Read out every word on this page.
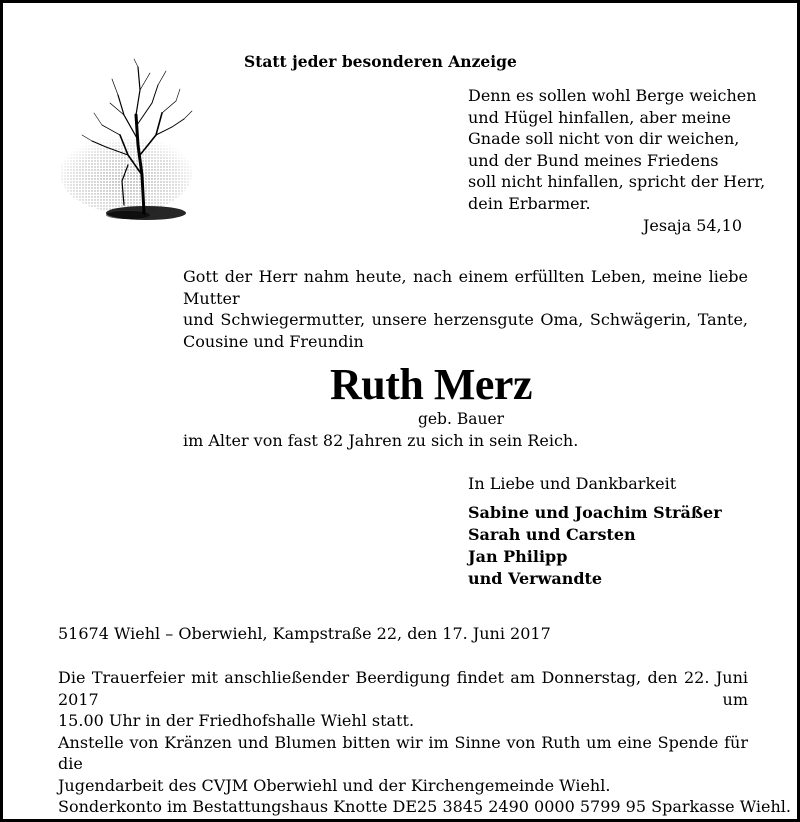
Statt jeder besonderen Anzeige
Denn es sollen wohl Berge weichen
und Hügel hinfallen, aber meine
Gnade soll nicht von dir weichen,
und der Bund meines Friedens
soll nicht hinfallen, spricht der Herr,
dein Erbarmer.
Jesaja 54,10
Gott der Herr nahm heute, nach einem erfüllten Leben, meine liebe Mutter
und Schwiegermutter, unsere herzensgute Oma, Schwägerin, Tante,
Cousine und Freundin
Ruth Merz
geb. Bauer
im Alter von fast 82 Jahren zu sich in sein Reich.
In Liebe und Dankbarkeit
Sabine und Joachim Sträßer
Sarah und Carsten
Jan Philipp
und Verwandte
51674 Wiehl – Oberwiehl, Kampstraße 22, den 17. Juni 2017
Die Trauerfeier mit anschließender Beerdigung findet am Donnerstag, den 22. Juni 2017 um
15.00 Uhr in der Friedhofshalle Wiehl statt.
Anstelle von Kränzen und Blumen bitten wir im Sinne von Ruth um eine Spende für die
Jugendarbeit des CVJM Oberwiehl und der Kirchengemeinde Wiehl.
Sonderkonto im Bestattungshaus Knotte DE25 3845 2490 0000 5799 95 Sparkasse Wiehl.
